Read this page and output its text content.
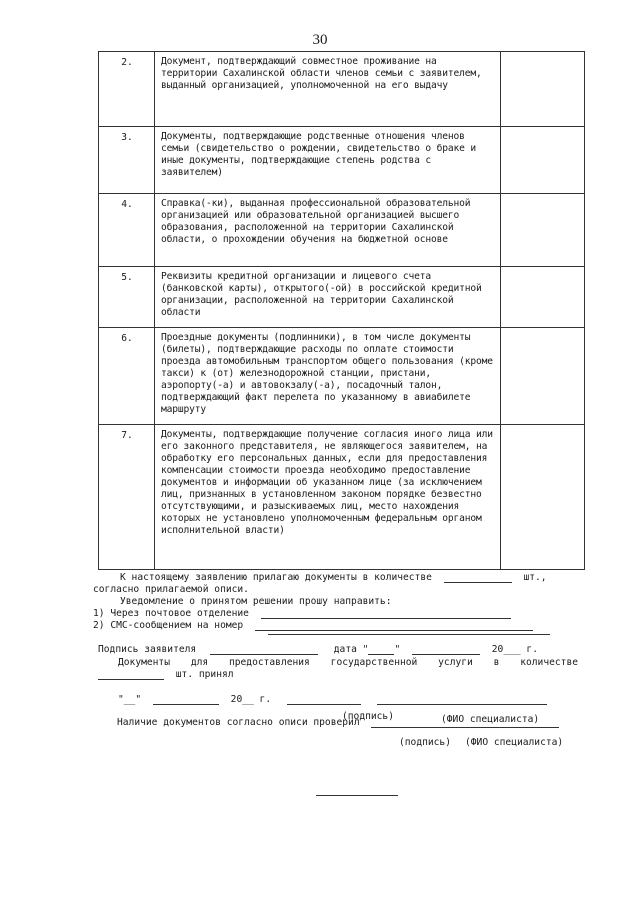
30
2.	Документ, подтверждающий совместное проживание на территории Сахалинской области членов семьи с заявителем, выданный организацией, уполномоченной на его выдачу	
3.	Документы, подтверждающие родственные отношения членов семьи (свидетельство о рождении, свидетельство о браке и иные документы, подтверждающие степень родства с заявителем)	
4.	Справка(-ки), выданная профессиональной образовательной организацией или образовательной организацией высшего образования, расположенной на территории Сахалинской области, о прохождении обучения на бюджетной основе	
5.	Реквизиты кредитной организации и лицевого счета (банковской карты), открытого(-ой) в российской кредитной организации, расположенной на территории Сахалинской области	
6.	Проездные документы (подлинники), в том числе документы (билеты), подтверждающие расходы по оплате стоимости проезда автомобильным транспортом общего пользования (кроме такси) к (от) железнодорожной станции, пристани, аэропорту(-а) и автовокзалу(-а), посадочный талон, подтверждающий факт перелета по указанному в авиабилете маршруту	
7.	Документы, подтверждающие получение согласия иного лица или его законного представителя, не являющегося заявителем, на обработку его персональных данных, если для предоставления компенсации стоимости проезда необходимо предоставление документов и информации об указанном лице (за исключением лиц, признанных в установленном законом порядке безвестно отсутствующими, и разыскиваемых лиц, место нахождения которых не установлено уполномоченным федеральным органом исполнительной власти)	
К настоящему заявлению прилагаю документы в количестве	шт.,
согласно прилагаемой описи.
Уведомление о принятом решении прошу направить:
1) Через почтовое отделение
2) СМС-сообщением на номер
Подпись заявителя	дата "	"	20___ г.
Документы для предоставления государственной услуги в количестве
шт. принял
"__"	20__ г.
(подпись)	(ФИО специалиста)
Наличие документов согласно описи проверил
(подпись) (ФИО специалиста)
